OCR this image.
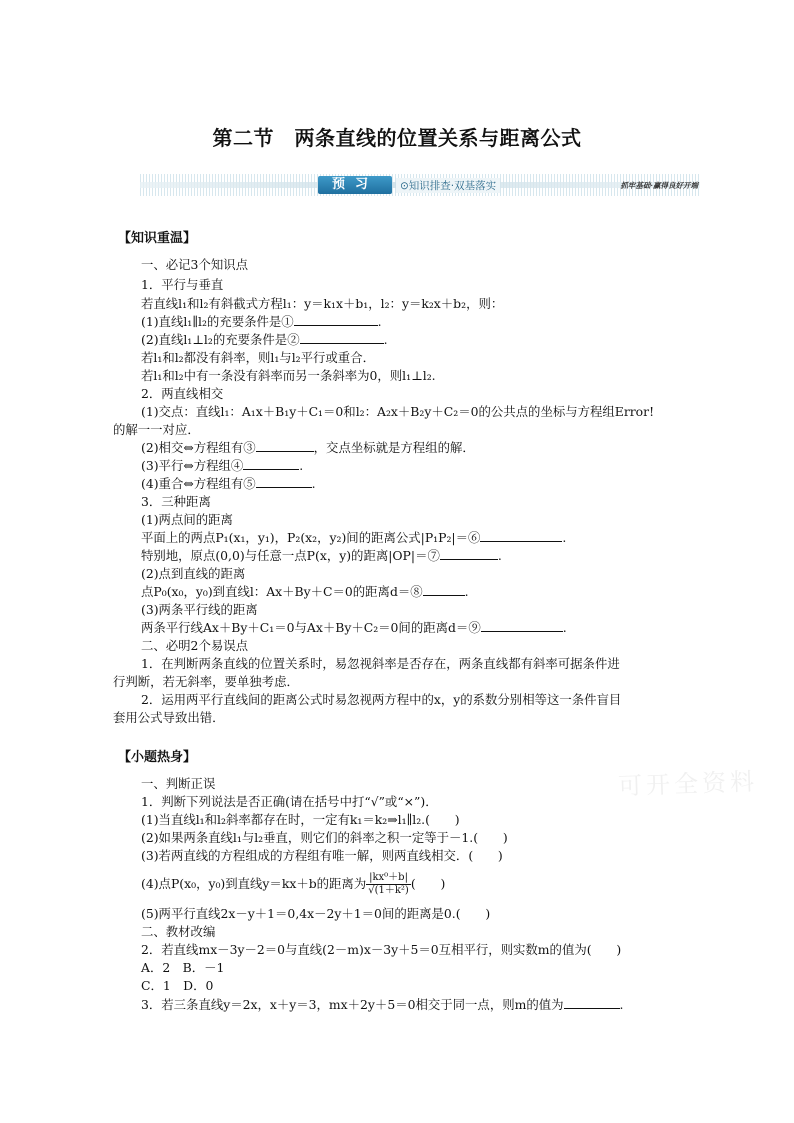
第二节　两条直线的位置关系与距离公式
预习	⊙知识排查·双基落实	抓牢基础·赢得良好开端
可开全资料
【知识重温】
一、必记3个知识点
1．平行与垂直
若直线l₁和l₂有斜截式方程l₁：y＝k₁x＋b₁，l₂：y＝k₂x＋b₂，则：
(1)直线l₁∥l₂的充要条件是①	.
(2)直线l₁⊥l₂的充要条件是②	.
若l₁和l₂都没有斜率，则l₁与l₂平行或重合．
若l₁和l₂中有一条没有斜率而另一条斜率为0，则l₁⊥l₂.
2．两直线相交
(1)交点：直线l₁：A₁x＋B₁y＋C₁＝0和l₂：A₂x＋B₂y＋C₂＝0的公共点的坐标与方程组Error!
的解一一对应．
(2)相交⇔方程组有③	，交点坐标就是方程组的解．
(3)平行⇔方程组④	.
(4)重合⇔方程组有⑤	.
3．三种距离
(1)两点间的距离
平面上的两点P₁(x₁，y₁)，P₂(x₂，y₂)间的距离公式|P₁P₂|＝⑥	.
特别地，原点(0,0)与任意一点P(x，y)的距离|OP|＝⑦	.
(2)点到直线的距离
点P₀(x₀，y₀)到直线l：Ax＋By＋C＝0的距离d＝⑧	.
(3)两条平行线的距离
两条平行线Ax＋By＋C₁＝0与Ax＋By＋C₂＝0间的距离d＝⑨	.
二、必明2个易误点
1．在判断两条直线的位置关系时，易忽视斜率是否存在，两条直线都有斜率可据条件进
行判断，若无斜率，要单独考虑．
2．运用两平行直线间的距离公式时易忽视两方程中的x，y的系数分别相等这一条件盲目
套用公式导致出错．
【小题热身】
一、判断正误
1．判断下列说法是否正确(请在括号中打“√”或“×”)．
(1)当直线l₁和l₂斜率都存在时，一定有k₁＝k₂⇒l₁∥l₂.(　　)
(2)如果两条直线l₁与l₂垂直，则它们的斜率之积一定等于－1.(　　)
(3)若两直线的方程组成的方程组有唯一解，则两直线相交．(　　)
(4)点P(x₀，y₀)到直线y＝kx＋b的距离为 $\frac{\text{|kx⁰＋b|}}{\text{√(1＋k²)}}$ (　　)
(5)两平行直线2x－y＋1＝0,4x－2y＋1＝0间的距离是0.(　　)
二、教材改编
2．若直线mx－3y－2＝0与直线(2－m)x－3y＋5＝0互相平行，则实数m的值为(　　)
A．2　B．－1
C．1　D．0
3．若三条直线y＝2x，x＋y＝3，mx＋2y＋5＝0相交于同一点，则m的值为	.
